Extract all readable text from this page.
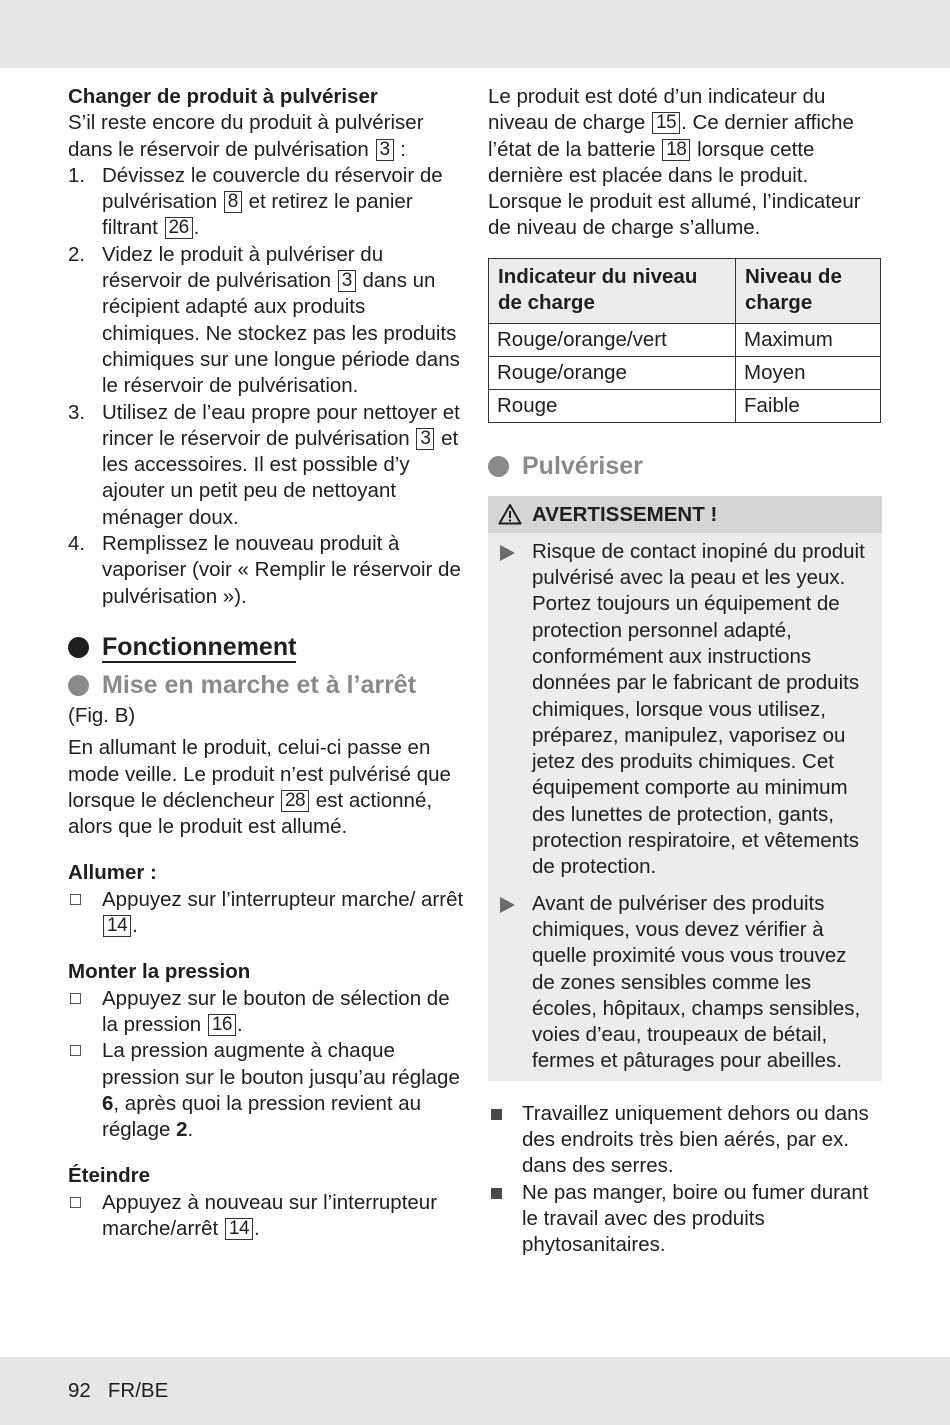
Changer de produit à pulvériser

S’il reste encore du produit à pulvériser dans le réservoir de pulvérisation 3 :

1. Dévissez le couvercle du réservoir de pulvérisation 8 et retirez le panier filtrant 26 .
2. Videz le produit à pulvériser du réservoir de pulvérisation 3 dans un récipient adapté aux produits chimiques. Ne stockez pas les produits chimiques sur une longue période dans le réservoir de pulvérisation.
3. Utilisez de l’eau propre pour nettoyer et rincer le réservoir de pulvérisation 3 et les accessoires. Il est possible d’y ajouter un petit peu de nettoyant ménager doux.
4. Remplissez le nouveau produit à vaporiser (voir « Remplir le réservoir de pulvérisation »).
Fonctionnement
Mise en marche et à l’arrêt

(Fig. B)

En allumant le produit, celui-ci passe en mode veille. Le produit n’est pulvérisé que lorsque le déclencheur 28 est actionné, alors que le produit est allumé.

Allumer :

Appuyez sur l’interrupteur marche/ arrêt 14 .

Monter la pression

Appuyez sur le bouton de sélection de la pression 16 .
La pression augmente à chaque pression sur le bouton jusqu’au réglage 6, après quoi la pression revient au réglage 2.

Éteindre

Appuyez à nouveau sur l’interrupteur marche/arrêt 14 .

Le produit est doté d’un indicateur du niveau de charge 15 . Ce dernier affiche l’état de la batterie 18 lorsque cette dernière est placée dans le produit. Lorsque le produit est allumé, l’indicateur de niveau de charge s’allume.

Indicateur du niveau de charge	Niveau de charge
Rouge/orange/vert	Maximum
Rouge/orange	Moyen
Rouge	Faible
Pulvériser
AVERTISSEMENT !
Risque de contact inopiné du produit pulvérisé avec la peau et les yeux. Portez toujours un équipement de protection personnel adapté, conformément aux instructions données par le fabricant de produits chimiques, lorsque vous utilisez, préparez, manipulez, vaporisez ou jetez des produits chimiques. Cet équipement comporte au minimum des lunettes de protection, gants, protection respiratoire, et vêtements de protection.
Avant de pulvériser des produits chimiques, vous devez vérifier à quelle proximité vous vous trouvez de zones sensibles comme les écoles, hôpitaux, champs sensibles, voies d’eau, troupeaux de bétail, fermes et pâturages pour abeilles.
Travaillez uniquement dehors ou dans des endroits très bien aérés, par ex. dans des serres.
Ne pas manger, boire ou fumer durant le travail avec des produits phytosanitaires.
92 FR/BE
